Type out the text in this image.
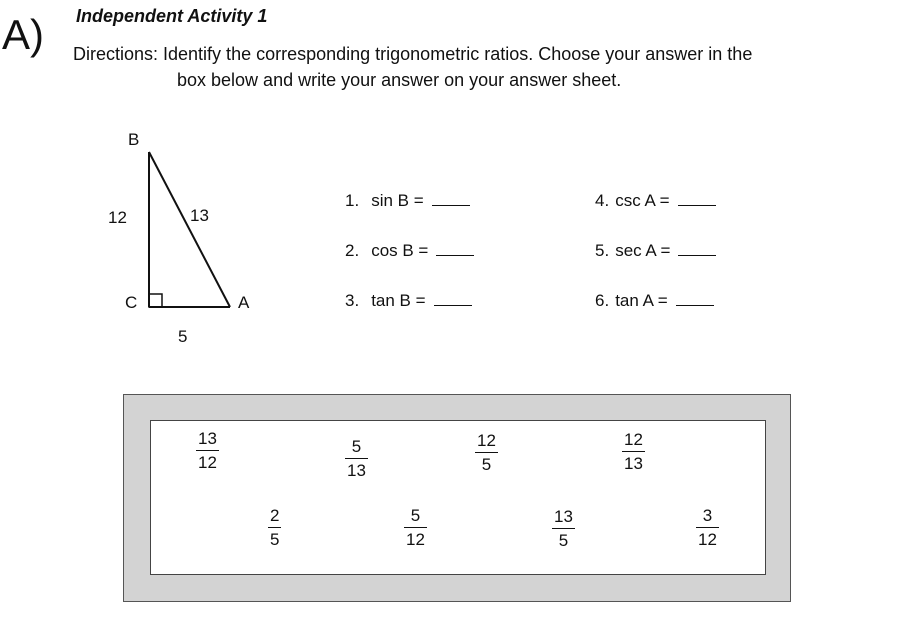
A) Independent Activity 1
Directions: Identify the corresponding trigonometric ratios. Choose your answer in the
box below and write your answer on your answer sheet.
B
12	13
C	A
5
1. sin B =
2. cos B =
3. tan B =
4. csc A =
5. sec A =
6. tan A =
13
12
5
13
12
5
12
13
2
5
5
12
13
5
3
12
